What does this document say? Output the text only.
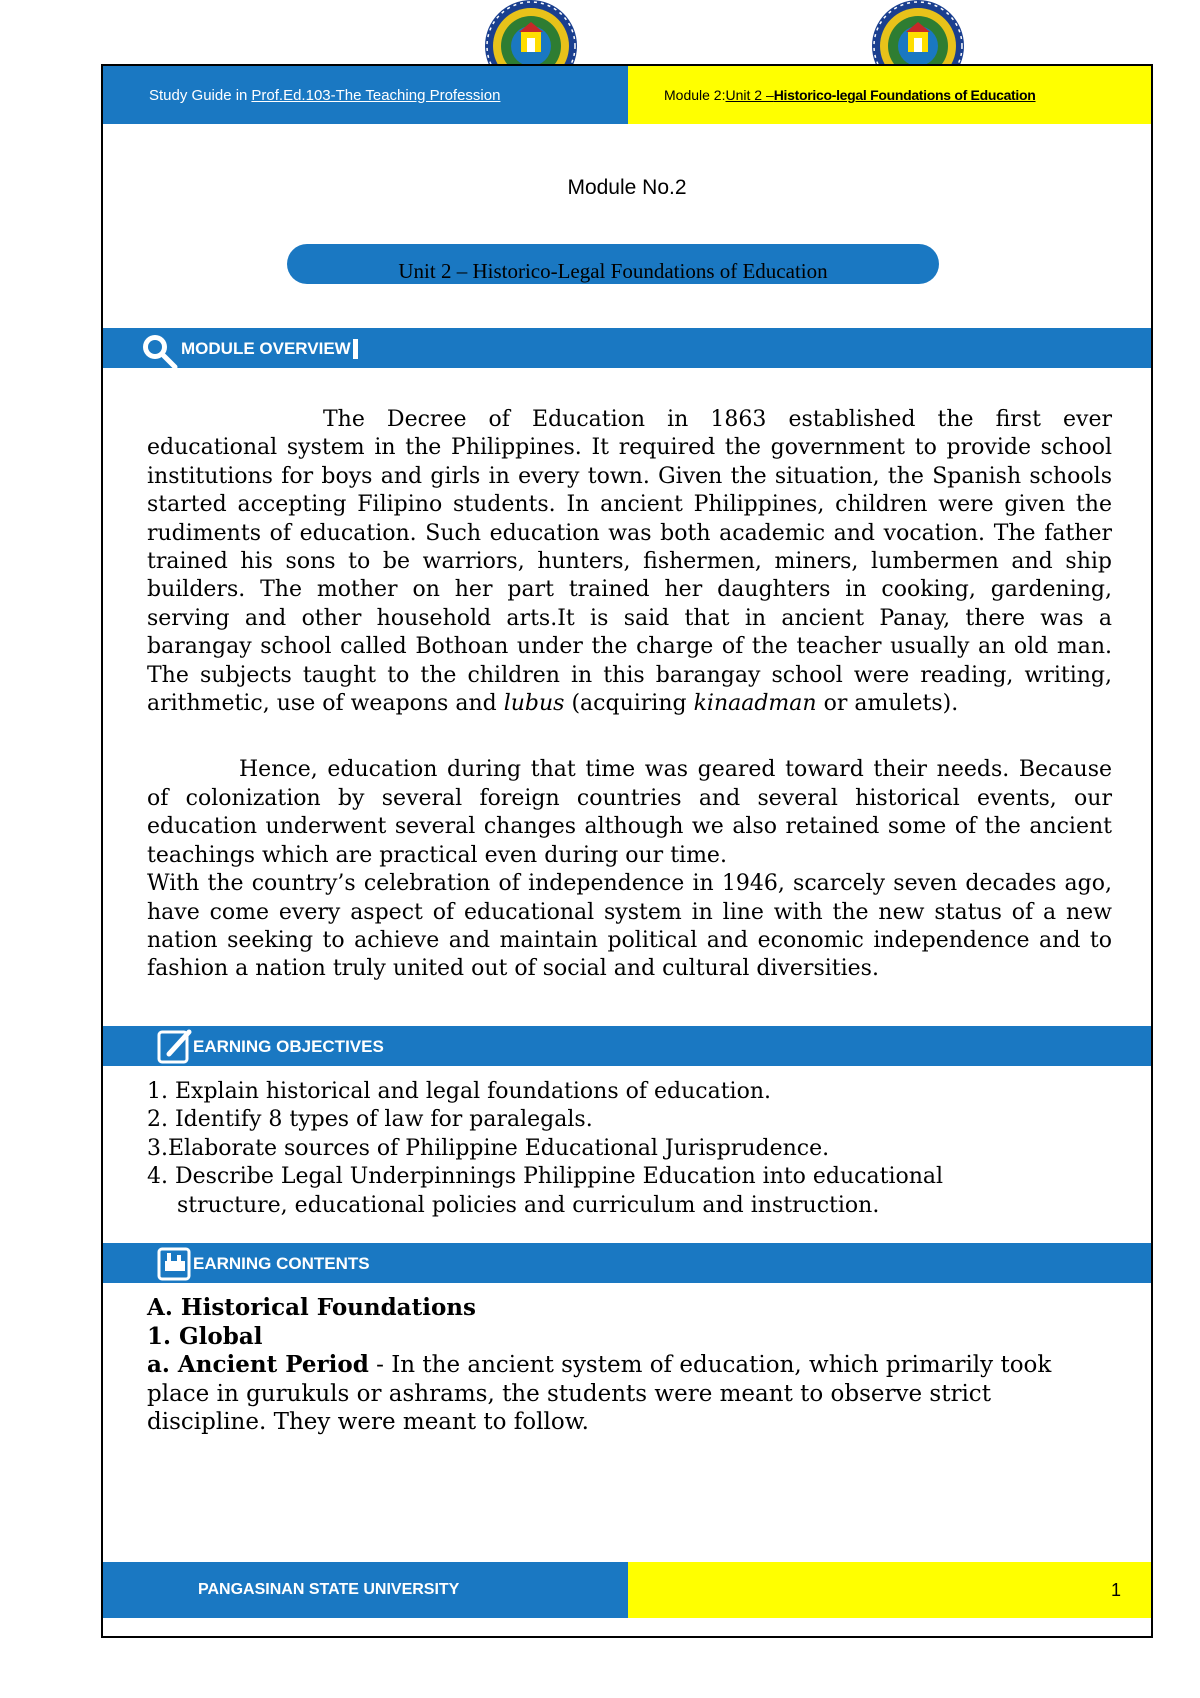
Study Guide in Prof.Ed.103-The Teaching Profession	Module 2: Unit 2 – Historico-legal Foundations of Education
Module No.2
Unit 2 – Historico-Legal Foundations of Education
MODULE OVERVIEW

The Decree of Education in 1863 established the first ever educational system in the Philippines. It required the government to provide school institutions for boys and girls in every town. Given the situation, the Spanish schools started accepting Filipino students. In ancient Philippines, children were given the rudiments of education. Such education was both academic and vocation. The father trained his sons to be warriors, hunters, fishermen, miners, lumbermen and ship builders. The mother on her part trained her daughters in cooking, gardening, serving and other household arts.It is said that in ancient Panay, there was a barangay school called Bothoan under the charge of the teacher usually an old man. The subjects taught to the children in this barangay school were reading, writing, arithmetic, use of weapons and lubus (acquiring kinaadman or amulets).

Hence, education during that time was geared toward their needs. Because of colonization by several foreign countries and several historical events, our education underwent several changes although we also retained some of the ancient teachings which are practical even during our time.

With the country’s celebration of independence in 1946, scarcely seven decades ago, have come every aspect of educational system in line with the new status of a new nation seeking to achieve and maintain political and economic independence and to fashion a nation truly united out of social and cultural diversities.

EARNING OBJECTIVES

1. Explain historical and legal foundations of education.

2. Identify 8 types of law for paralegals.

3.Elaborate sources of Philippine Educational Jurisprudence.

4. Describe Legal Underpinnings Philippine Education into educational

structure, educational policies and curriculum and instruction.

EARNING CONTENTS

A. Historical Foundations

1. Global

a. Ancient Period - In the ancient system of education, which primarily took place in gurukuls or ashrams, the students were meant to observe strict discipline. They were meant to follow.

PANGASINAN STATE UNIVERSITY	1
